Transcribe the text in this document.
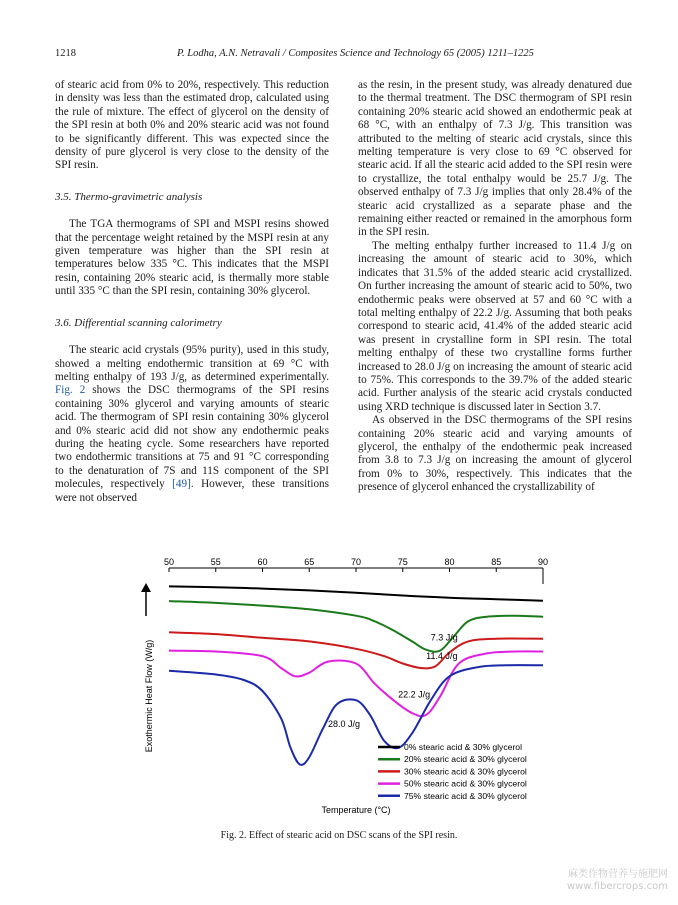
1218	P. Lodha, A.N. Netravali / Composites Science and Technology 65 (2005) 1211–1225

of stearic acid from 0% to 20%, respectively. This reduction in density was less than the estimated drop, calculated using the rule of mixture. The effect of glycerol on the density of the SPI resin at both 0% and 20% stearic acid was not found to be significantly different. This was expected since the density of pure glycerol is very close to the density of the SPI resin.

3.5. Thermo-gravimetric analysis

The TGA thermograms of SPI and MSPI resins showed that the percentage weight retained by the MSPI resin at any given temperature was higher than the SPI resin at temperatures below 335 °C. This indicates that the MSPI resin, containing 20% stearic acid, is thermally more stable until 335 °C than the SPI resin, containing 30% glycerol.

3.6. Differential scanning calorimetry

The stearic acid crystals (95% purity), used in this study, showed a melting endothermic transition at 69 °C with melting enthalpy of 193 J/g, as determined experimentally. Fig. 2 shows the DSC thermograms of the SPI resins containing 30% glycerol and varying amounts of stearic acid. The thermogram of SPI resin containing 30% glycerol and 0% stearic acid did not show any endothermic peaks during the heating cycle. Some researchers have reported two endothermic transitions at 75 and 91 °C corresponding to the denaturation of 7S and 11S component of the SPI molecules, respectively [49]. However, these transitions were not observed

as the resin, in the present study, was already denatured due to the thermal treatment. The DSC thermogram of SPI resin containing 20% stearic acid showed an endothermic peak at 68 °C, with an enthalpy of 7.3 J/g. This transition was attributed to the melting of stearic acid crystals, since this melting temperature is very close to 69 °C observed for stearic acid. If all the stearic acid added to the SPI resin were to crystallize, the total enthalpy would be 25.7 J/g. The observed enthalpy of 7.3 J/g implies that only 28.4% of the stearic acid crystallized as a separate phase and the remaining either reacted or remained in the amorphous form in the SPI resin.

The melting enthalpy further increased to 11.4 J/g on increasing the amount of stearic acid to 30%, which indicates that 31.5% of the added stearic acid crystallized. On further increasing the amount of stearic acid to 50%, two endothermic peaks were observed at 57 and 60 °C with a total melting enthalpy of 22.2 J/g. Assuming that both peaks correspond to stearic acid, 41.4% of the added stearic acid was present in crystalline form in SPI resin. The total melting enthalpy of these two crystalline forms further increased to 28.0 J/g on increasing the amount of stearic acid to 75%. This corresponds to the 39.7% of the added stearic acid. Further analysis of the stearic acid crystals conducted using XRD technique is discussed later in Section 3.7.

As observed in the DSC thermograms of the SPI resins containing 20% stearic acid and varying amounts of glycerol, the enthalpy of the endothermic peak increased from 3.8 to 7.3 J/g on increasing the amount of glycerol from 0% to 30%, respectively. This indicates that the presence of glycerol enhanced the crystallizability of

50	55	60	65	70	75	80	85	90
Exothermic Heat Flow (W/g)
Temperature (°C)
7.3 J/g
11.4 J/g
22.2 J/g
28.0 J/g
0% stearic acid & 30% glycerol
20% stearic acid & 30% glycerol
30% stearic acid & 30% glycerol
50% stearic acid & 30% glycerol
75% stearic acid & 30% glycerol
Fig. 2. Effect of stearic acid on DSC scans of the SPI resin.
麻类作物营养与施肥网
www.fibercrops.com
